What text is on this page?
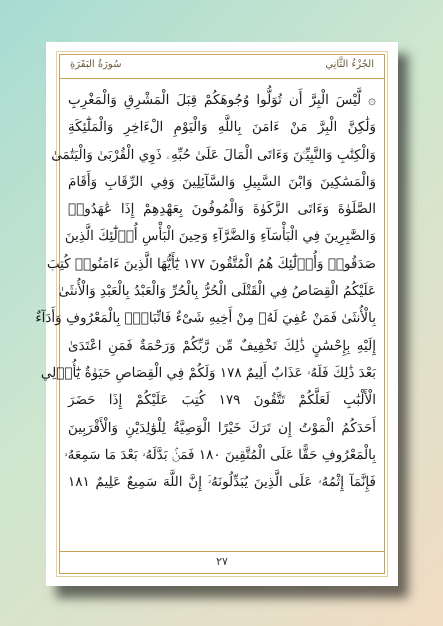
سُورَةُ البَقَرَةِ	الجُزْءُ الثَّانِي
۞ لَّيْسَ الْبِرَّ أَن تُوَلُّوا وُجُوهَكُمْ قِبَلَ الْمَشْرِقِ وَالْمَغْرِبِ
وَلَٰكِنَّ الْبِرَّ مَنْ ءَامَنَ بِاللَّهِ وَالْيَوْمِ الْءَاخِرِ وَالْمَلَٰٓئِكَةِ
وَالْكِتَٰبِ وَالنَّبِيِّـۧنَ وَءَاتَى الْمَالَ عَلَىٰ حُبِّهِۦ ذَوِي الْقُرْبَىٰ وَالْيَتَٰمَىٰ
وَالْمَسَٰكِينَ وَابْنَ السَّبِيلِ وَالسَّآئِلِينَ وَفِي الرِّقَابِ وَأَقَامَ
الصَّلَوٰةَ وَءَاتَى الزَّكَوٰةَ وَالْمُوفُونَ بِعَهْدِهِمْ إِذَا عَٰهَدُوا۟
وَالصَّٰبِرِينَ فِي الْبَأْسَآءِ وَالضَّرَّآءِ وَحِينَ الْبَأْسِ أُو۟لَٰٓئِكَ الَّذِينَ
صَدَقُوا۟ وَأُو۟لَٰٓئِكَ هُمُ الْمُتَّقُونَ ١٧٧ يَٰٓأَيُّهَا الَّذِينَ ءَامَنُوا۟ كُتِبَ
عَلَيْكُمُ الْقِصَاصُ فِي الْقَتْلَى الْحُرُّ بِالْحُرِّ وَالْعَبْدُ بِالْعَبْدِ وَالْأُنثَىٰ
بِالْأُنثَىٰ فَمَنْ عُفِيَ لَهُۥ مِنْ أَخِيهِ شَىْءٌ فَاتِّبَاعٌۢ بِالْمَعْرُوفِ وَأَدَآءٌ
إِلَيْهِ بِإِحْسَٰنٍ ذَٰلِكَ تَخْفِيفٌ مِّن رَّبِّكُمْ وَرَحْمَةٌ فَمَنِ اعْتَدَىٰ
بَعْدَ ذَٰلِكَ فَلَهُۥ عَذَابٌ أَلِيمٌ ١٧٨ وَلَكُمْ فِي الْقِصَاصِ حَيَوٰةٌ يَٰٓأُو۟لِي
الْأَلْبَٰبِ لَعَلَّكُمْ تَتَّقُونَ ١٧٩ كُتِبَ عَلَيْكُمْ إِذَا حَضَرَ
أَحَدَكُمُ الْمَوْتُ إِن تَرَكَ خَيْرًا الْوَصِيَّةُ لِلْوَٰلِدَيْنِ وَالْأَقْرَبِينَ
بِالْمَعْرُوفِ حَقًّا عَلَى الْمُتَّقِينَ ١٨٠ فَمَنۢ بَدَّلَهُۥ بَعْدَ مَا سَمِعَهُۥ
فَإِنَّمَآ إِثْمُهُۥ عَلَى الَّذِينَ يُبَدِّلُونَهُۥٓ إِنَّ اللَّهَ سَمِيعٌ عَلِيمٌ ١٨١
٢٧
